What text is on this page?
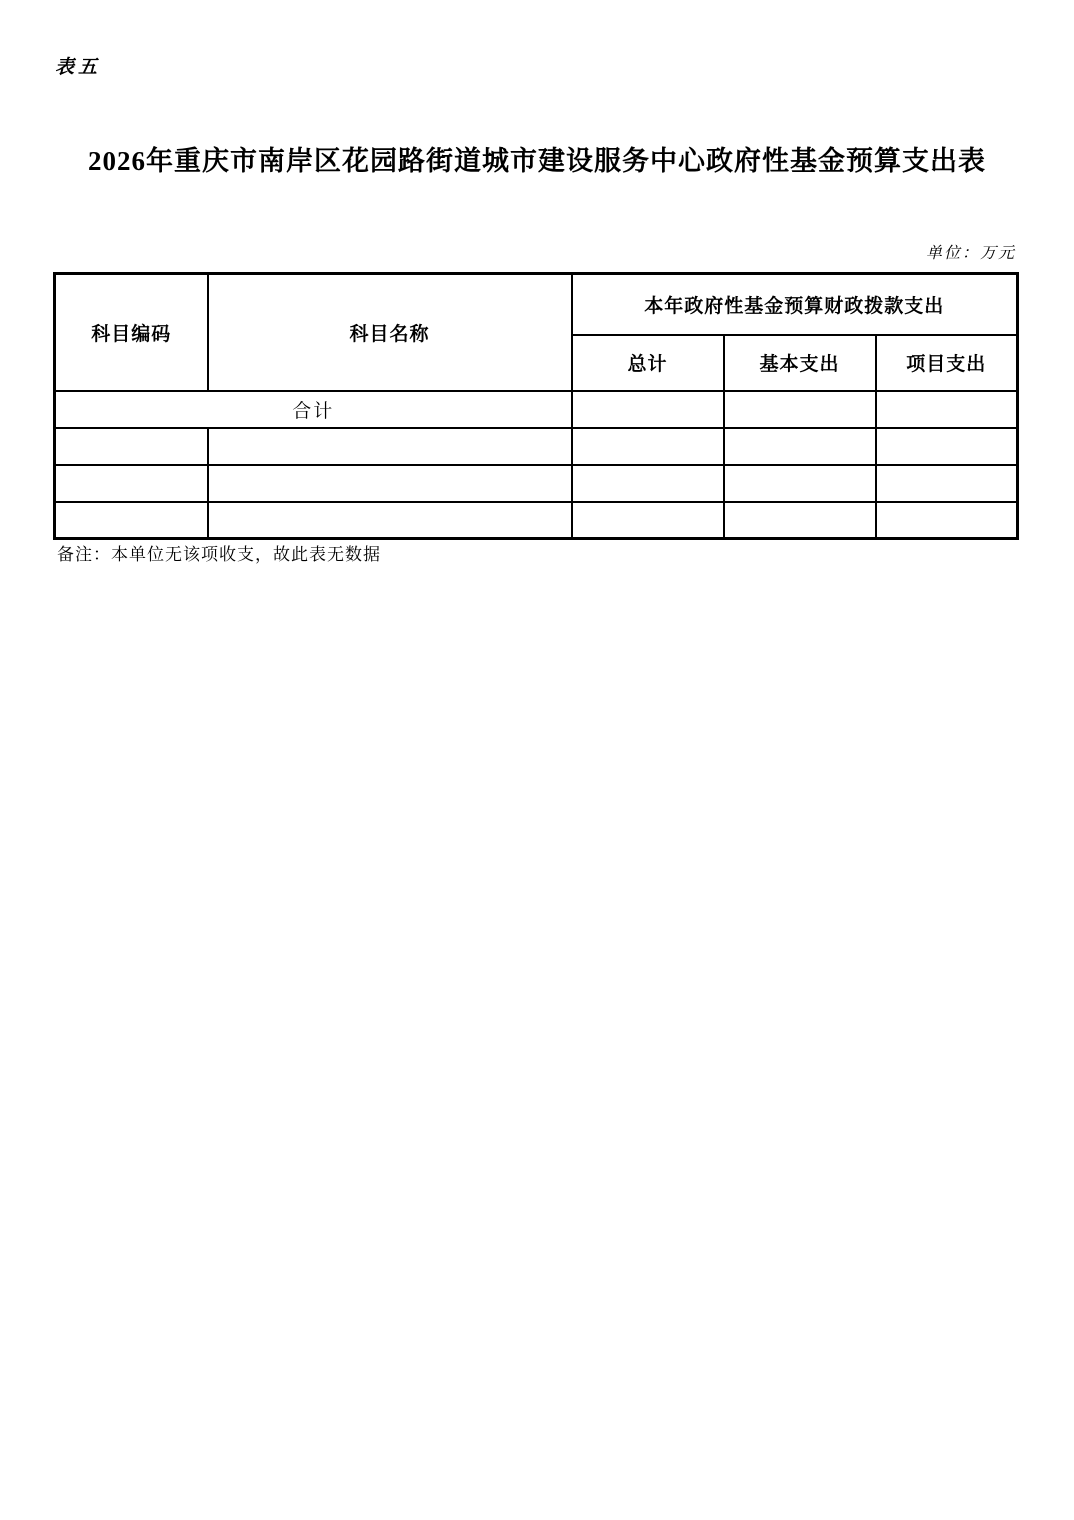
表五
2026年重庆市南岸区花园路街道城市建设服务中心政府性基金预算支出表
单位：万元
科目编码	科目名称	本年政府性基金预算财政拨款支出		
		总计	基本支出	项目支出
合计				

备注：本单位无该项收支，故此表无数据
